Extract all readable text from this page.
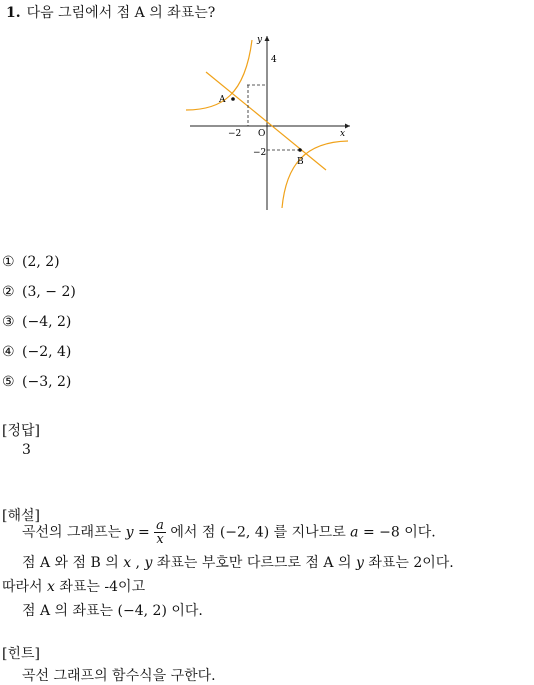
1. 다음 그림에서 점 A 의 좌표는?
y
x
O
4
−2
−2
A
B
① (2, 2)
② (3, − 2)
③ (−4, 2)
④ (−2, 4)
⑤ (−3, 2)
[정답]
3
[해설]
곡선의 그래프는 $y = \frac{a}{x}$ 에서 점 (−2, 4) 를 지나므로 a = −8 이다.
점 A 와 점 B 의 x , y 좌표는 부호만 다르므로 점 A 의 y 좌표는 2이다.
따라서 x 좌표는 -4이고
점 A 의 좌표는 (−4, 2) 이다.
[힌트]
곡선 그래프의 함수식을 구한다.
